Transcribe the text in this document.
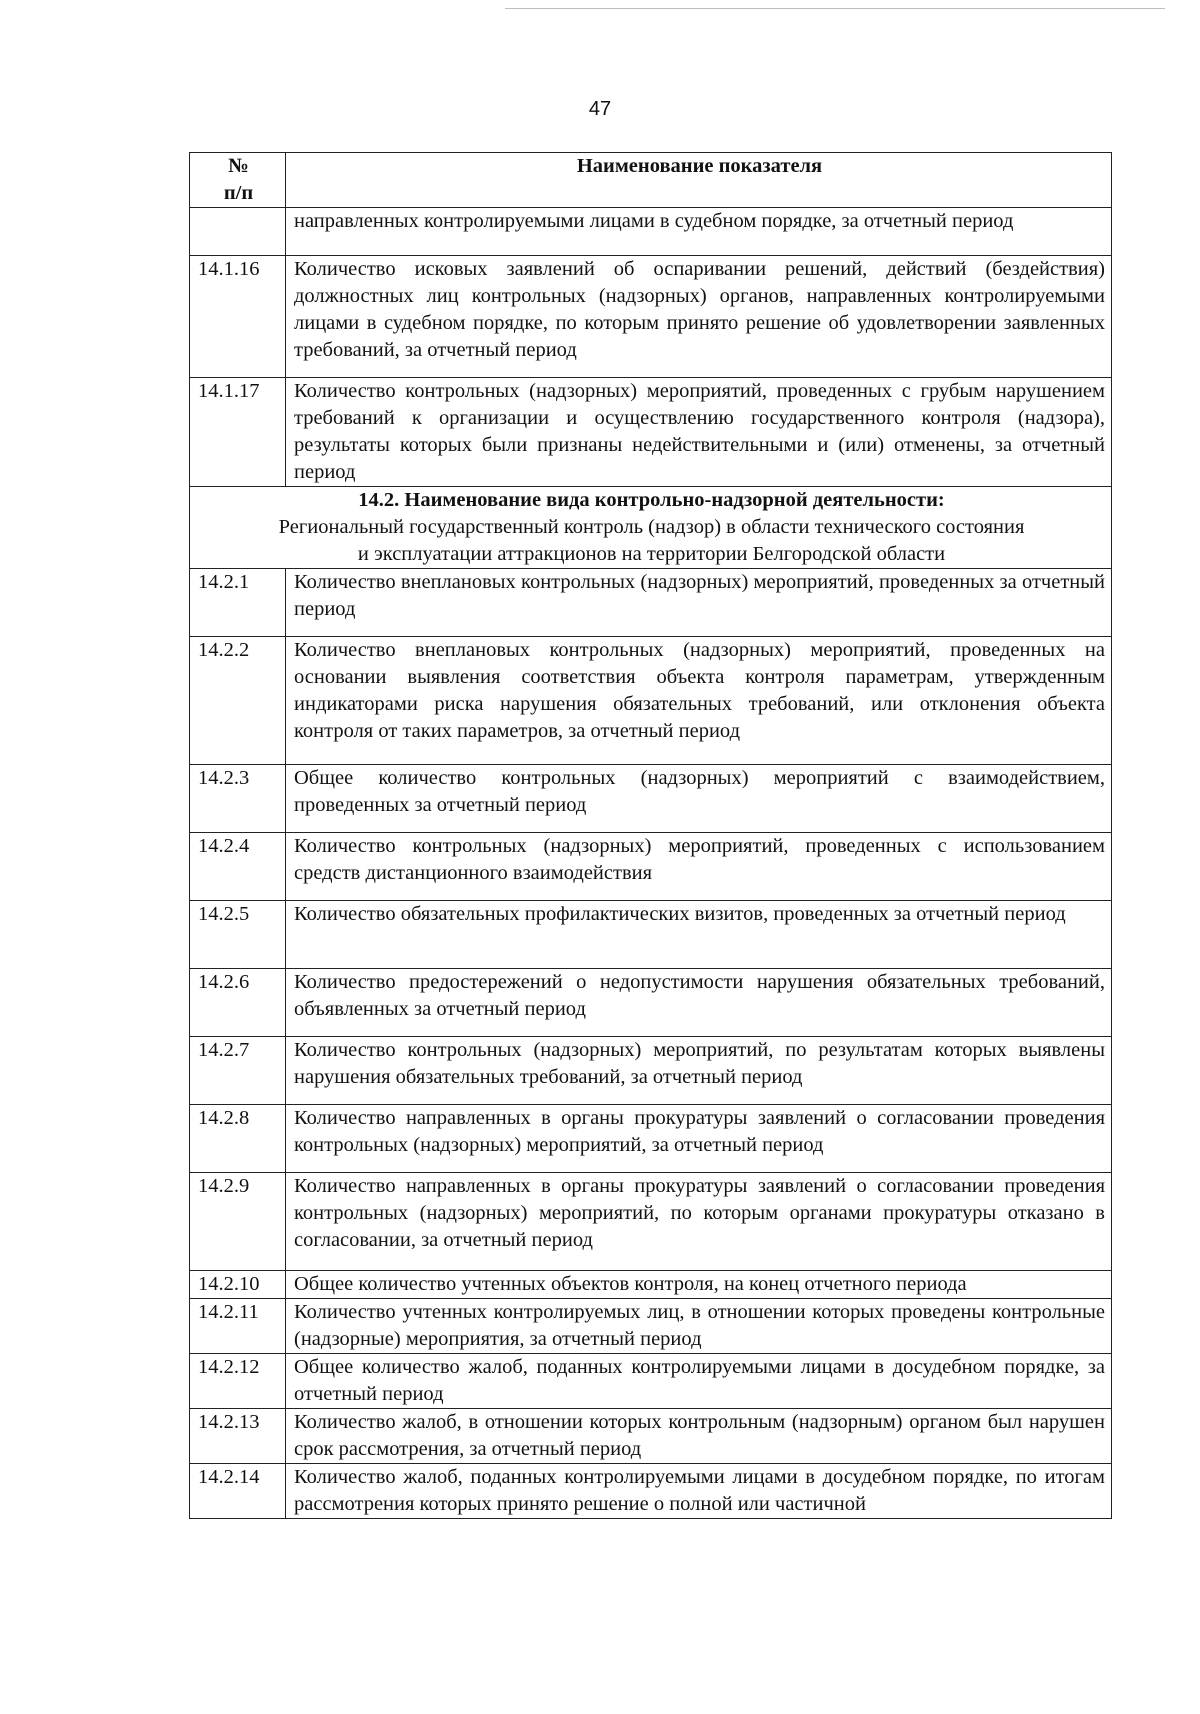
47
№
п/п	Наименование показателя
	направленных контролируемыми лицами в судебном порядке, за отчетный период
14.1.16	Количество исковых заявлений об оспаривании решений, действий (бездействия) должностных лиц контрольных (надзорных) органов, направленных контролируемыми лицами в судебном порядке, по которым принято решение об удовлетворении заявленных требований, за отчетный период
14.1.17	Количество контрольных (надзорных) мероприятий, проведенных с грубым нарушением требований к организации и осуществлению государственного контроля (надзора), результаты которых были признаны недействительными и (или) отменены, за отчетный период

14.2. Наименование вида контрольно-надзорной деятельности:
Региональный государственный контроль (надзор) в области технического состояния
и эксплуатации аттракционов на территории Белгородской области	

14.2.1	Количество внеплановых контрольных (надзорных) мероприятий, проведенных за отчетный период
14.2.2	Количество внеплановых контрольных (надзорных) мероприятий, проведенных на основании выявления соответствия объекта контроля параметрам, утвержденным индикаторами риска нарушения обязательных требований, или отклонения объекта контроля от таких параметров, за отчетный период
14.2.3	Общее количество контрольных (надзорных) мероприятий с взаимодействием, проведенных за отчетный период
14.2.4	Количество контрольных (надзорных) мероприятий, проведенных с использованием средств дистанционного взаимодействия
14.2.5	Количество обязательных профилактических визитов, проведенных за отчетный период
14.2.6	Количество предостережений о недопустимости нарушения обязательных требований, объявленных за отчетный период
14.2.7	Количество контрольных (надзорных) мероприятий, по результатам которых выявлены нарушения обязательных требований, за отчетный период
14.2.8	Количество направленных в органы прокуратуры заявлений о согласовании проведения контрольных (надзорных) мероприятий, за отчетный период
14.2.9	Количество направленных в органы прокуратуры заявлений о согласовании проведения контрольных (надзорных) мероприятий, по которым органами прокуратуры отказано в согласовании, за отчетный период
14.2.10	Общее количество учтенных объектов контроля, на конец отчетного периода
14.2.11	Количество учтенных контролируемых лиц, в отношении которых проведены контрольные (надзорные) мероприятия, за отчетный период
14.2.12	Общее количество жалоб, поданных контролируемыми лицами в досудебном порядке, за отчетный период
14.2.13	Количество жалоб, в отношении которых контрольным (надзорным) органом был нарушен срок рассмотрения, за отчетный период
14.2.14	Количество жалоб, поданных контролируемыми лицами в досудебном порядке, по итогам рассмотрения которых принято решение о полной или частичной
